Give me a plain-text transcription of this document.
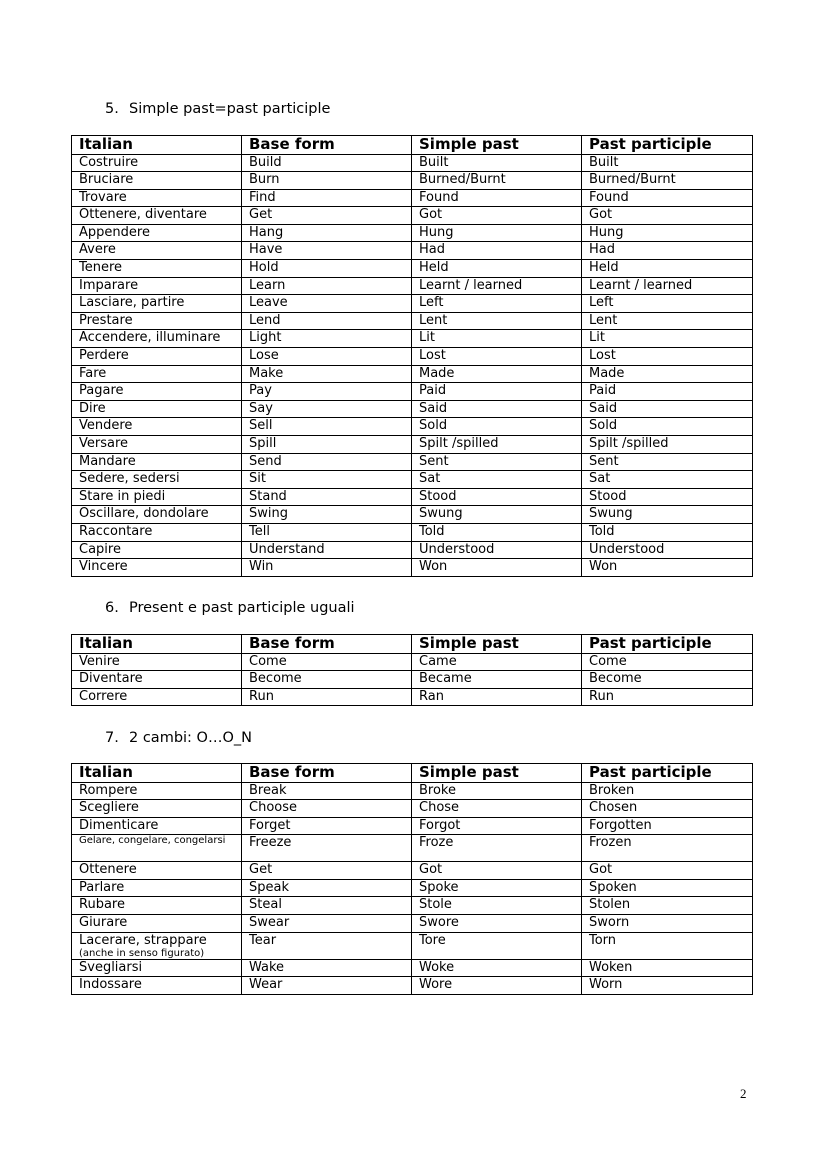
5. Simple past=past participle
Italian	Base form	Simple past	Past participle
Costruire	Build	Built	Built
Bruciare	Burn	Burned/Burnt	Burned/Burnt
Trovare	Find	Found	Found
Ottenere, diventare	Get	Got	Got
Appendere	Hang	Hung	Hung
Avere	Have	Had	Had
Tenere	Hold	Held	Held
Imparare	Learn	Learnt / learned	Learnt / learned
Lasciare, partire	Leave	Left	Left
Prestare	Lend	Lent	Lent
Accendere, illuminare	Light	Lit	Lit
Perdere	Lose	Lost	Lost
Fare	Make	Made	Made
Pagare	Pay	Paid	Paid
Dire	Say	Said	Said
Vendere	Sell	Sold	Sold
Versare	Spill	Spilt /spilled	Spilt /spilled
Mandare	Send	Sent	Sent
Sedere, sedersi	Sit	Sat	Sat
Stare in piedi	Stand	Stood	Stood
Oscillare, dondolare	Swing	Swung	Swung
Raccontare	Tell	Told	Told
Capire	Understand	Understood	Understood
Vincere	Win	Won	Won
6. Present e past participle uguali
Italian	Base form	Simple past	Past participle
Venire	Come	Came	Come
Diventare	Become	Became	Become
Correre	Run	Ran	Run
7. 2 cambi: O…O_N
Italian	Base form	Simple past	Past participle
Rompere	Break	Broke	Broken
Scegliere	Choose	Chose	Chosen
Dimenticare	Forget	Forgot	Forgotten

Gelare, congelare, congelarsi	Freeze	Froze	Frozen
Ottenere	Get	Got	Got
Parlare	Speak	Spoke	Spoken
Rubare	Steal	Stole	Stolen
Giurare	Swear	Swore	Sworn
Lacerare, strappare
(anche in senso figurato)	Tear	Tore	Torn
Svegliarsi	Wake	Woke	Woken
Indossare	Wear	Wore	Worn
2
